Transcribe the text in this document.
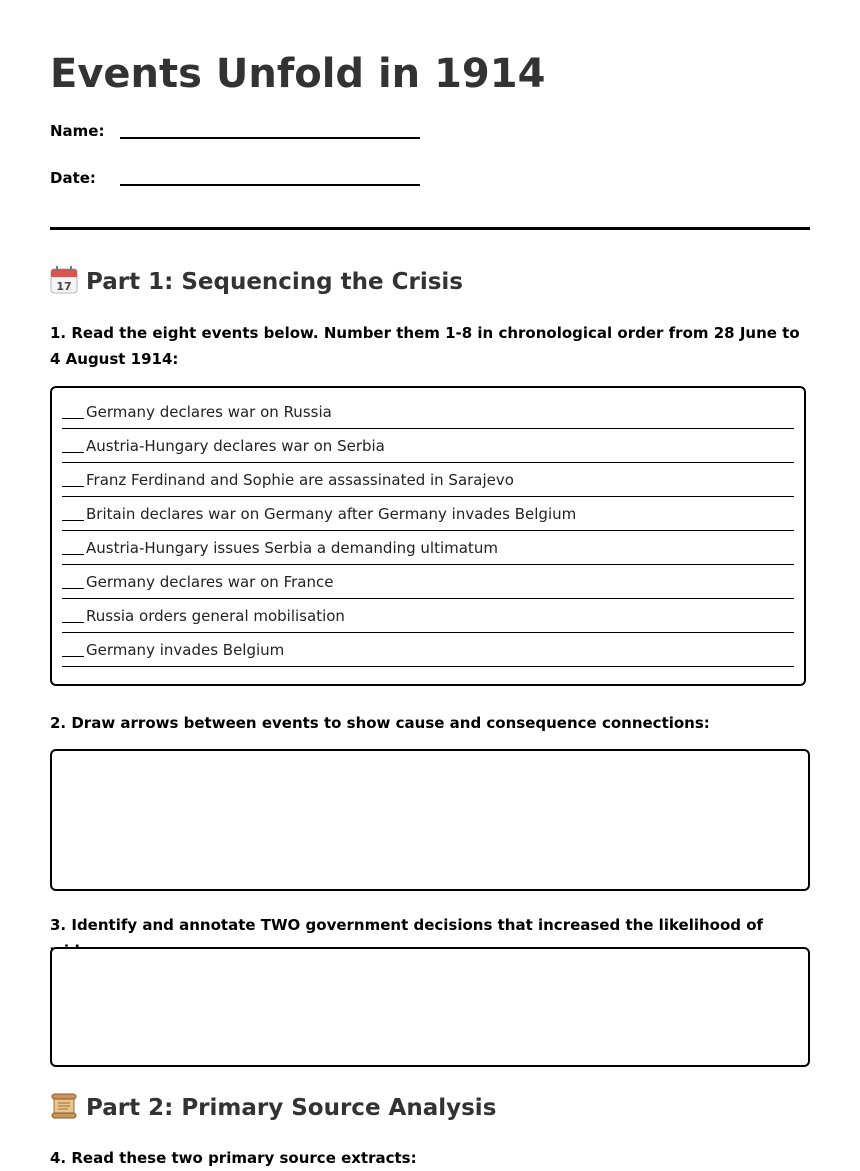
Events Unfold in 1914
Name:
Date:
17 Part 1: Sequencing the Crisis

1. Read the eight events below. Number them 1-8 in chronological order from 28 June to 4 August 1914:

Germany declares war on Russia
Austria-Hungary declares war on Serbia
Franz Ferdinand and Sophie are assassinated in Sarajevo
Britain declares war on Germany after Germany invades Belgium
Austria-Hungary issues Serbia a demanding ultimatum
Germany declares war on France
Russia orders general mobilisation
Germany invades Belgium

2. Draw arrows between events to show cause and consequence connections:

3. Identify and annotate TWO government decisions that increased the likelihood of

Part 2: Primary Source Analysis

4. Read these two primary source extracts:
